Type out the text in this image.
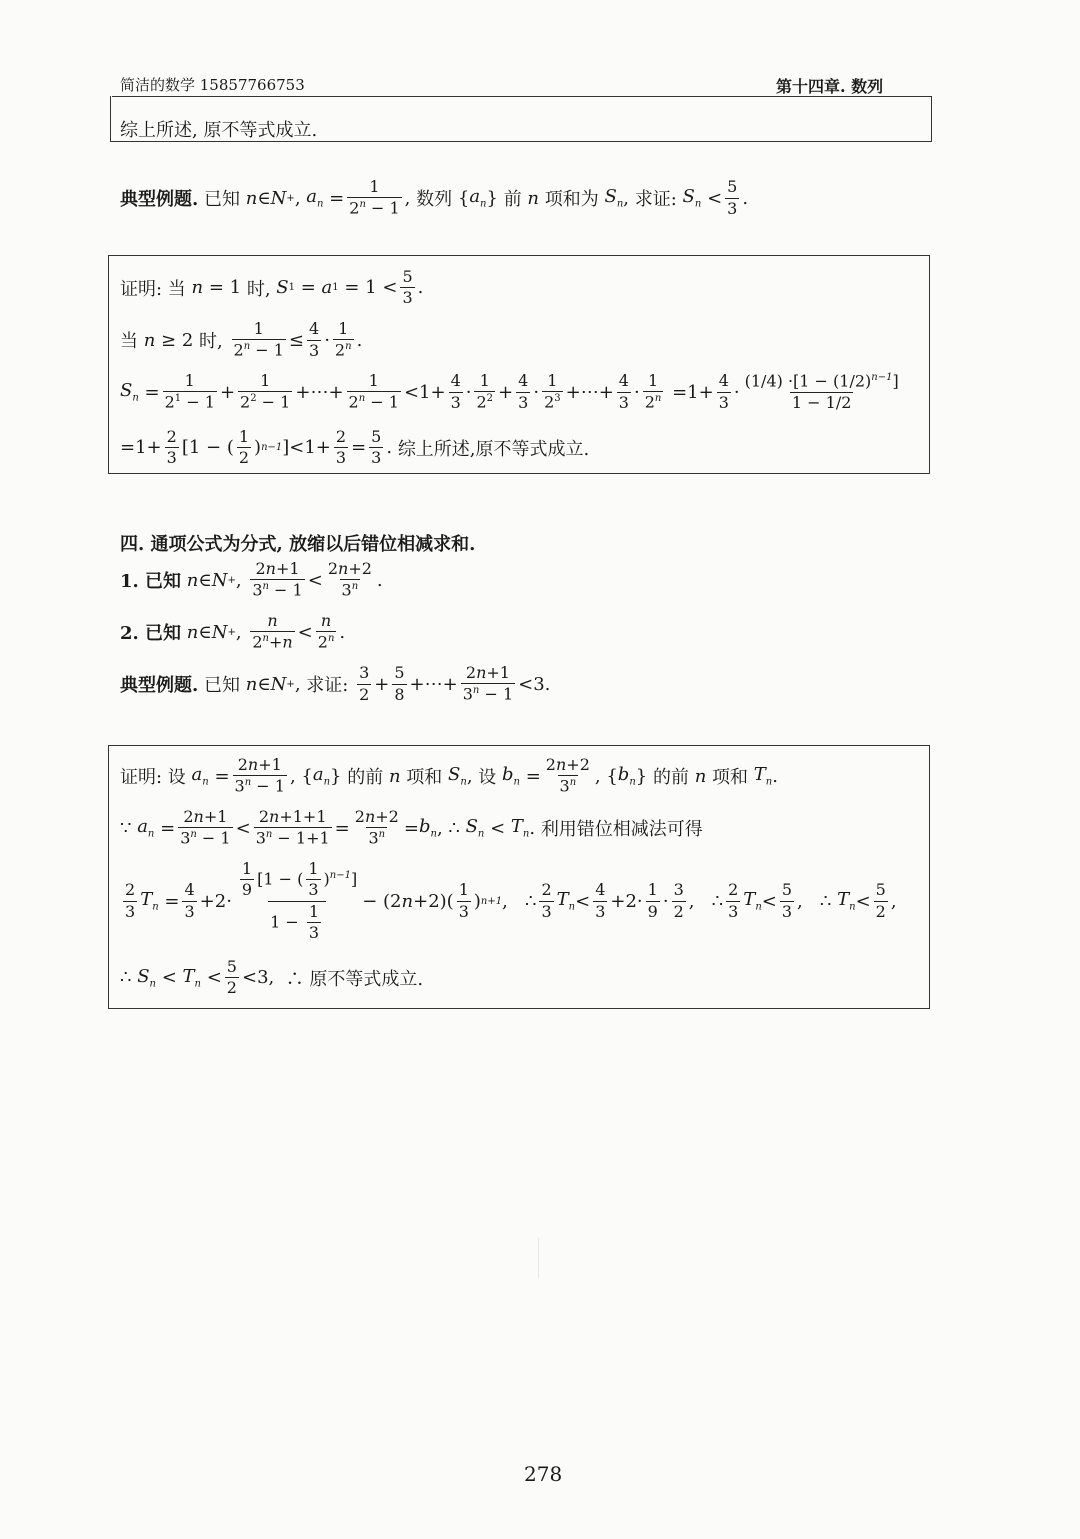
简洁的数学 15857766753	第十四章. 数列
综上所述, 原不等式成立.
典型例题.
已知 n ∈ N + , $a_n = \frac{1}{2^n - 1}$ , 数列 { $a_n$ } 前
n
项和为
$S_n$ , 求证:
$S_n < \frac{5}{3}$ .
证明: 当
n = 1 时,
S 1 = a $1 = 1 < \frac{5}{3}$ .
当
n ≥ 2 时,
$\frac{1}{2^n - 1} \le \frac{4}{3} \cdot \frac{1}{2^n}$ .
$S_n = \frac{1}{2^1 - 1} + \frac{1}{2^2 - 1}$ +⋯+ $\frac{1}{2^n - 1} <1+ \frac{4}{3} \cdot \frac{1}{2^2} + \frac{4}{3} \cdot \frac{1}{2^3}$ +⋯+ $\frac{4}{3} \cdot \frac{1}{2^n} =1+ \frac{4}{3} \cdot \frac{(1/4) \cdot[1 - (1/2)^{n-1}]}{1 - 1/2}$
$=1+ \frac{2}{3} [1$ − ( $\frac{1}{2}$ ) n−1 ]$<1+ \frac{2}{3} = \frac{5}{3}$ . 综上所述,原不等式成立.
四. 通项公式为分式, 放缩以后错位相减求和.
1. 已知
n ∈ N + , $\frac{2n+1}{3^n - 1} < \frac{2n+2}{3^n}$ .
2. 已知
n ∈ N + , $\frac{n}{2^n+n} < \frac{n}{2^n}$ .
典型例题.
已知
n ∈ N + , 求证:
$\frac{3}{2} + \frac{5}{8}$ +⋯+ $\frac{2n+1}{3^n - 1} <3$.
证明: 设
$a_n = \frac{2n+1}{3^n - 1}$ , { $a_n$ } 的前
n
项和
$S_n$ , 设
$b_n = \frac{2n+2}{3^n}$ , { $b_n$ } 的前
n
项和
$T_n$ .
∵ $a_n = \frac{2n+1}{3^n - 1} < \frac{2n+1+1}{3^n - 1+1} = \frac{2n+2}{3^n} = b_n$ , ∴ $S_n < T_n$ . 利用错位相减法可得
$\frac{2}{3} T_n = \frac{4}{3} +2\cdot \frac{\frac{1}{9} [1 - ( \frac{1}{3} )^{n-1}]}{1 - \frac{1}{3}} - (2$ $n +2)( \frac{1}{3}$ ) n+1 ,   ∴ $\frac{2}{3} T_n < \frac{4}{3} +2\cdot \frac{1}{9} \cdot \frac{3}{2}$ ,   ∴ $\frac{2}{3} T_n < \frac{5}{3}$ ,   ∴ $T_n < \frac{5}{2}$ ,
∴ $S_n < T_n < \frac{5}{2} <3$, ∴ 原不等式成立.
278
